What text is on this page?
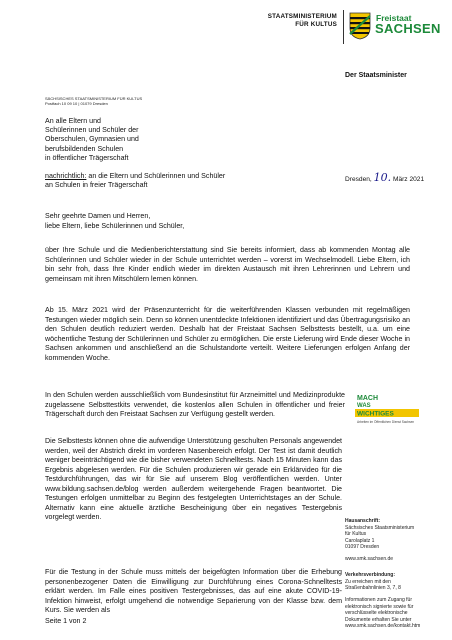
STAATSMINISTERIUM
FÜR KULTUS
Freistaat
SACHSEN
Der Staatsminister
SÄCHSISCHES STAATSMINISTERIUM FÜR KULTUS
Postfach 10 09 10 | 01079 Dresden
An alle Eltern und
Schülerinnen und Schüler der
Oberschulen, Gymnasien und
berufsbildenden Schulen
in öffentlicher Trägerschaft
nachrichtlich: an die Eltern und Schülerinnen und Schüler
an Schulen in freier Trägerschaft
Dresden, 10. März 2021
Sehr geehrte Damen und Herren,
liebe Eltern, liebe Schülerinnen und Schüler,
über Ihre Schule und die Medienberichterstattung sind Sie bereits informiert, dass ab kommenden Montag alle Schülerinnen und Schüler wieder in der Schule unterrichtet werden – vorerst im Wechselmodell. Liebe Eltern, ich bin sehr froh, dass Ihre Kinder endlich wieder im direkten Austausch mit ihren Lehrerinnen und Lehrern und gemeinsam mit ihren Mitschülern lernen können.
Ab 15. März 2021 wird der Präsenzunterricht für die weiterführenden Klassen verbunden mit regelmäßigen Testungen wieder möglich sein. Denn so können unentdeckte Infektionen identifiziert und das Übertragungsrisiko an den Schulen deutlich reduziert werden. Deshalb hat der Freistaat Sachsen Selbsttests bestellt, u.a. um eine wöchentliche Testung der Schülerinnen und Schüler zu ermöglichen. Die erste Lieferung wird Ende dieser Woche in Sachsen ankommen und anschließend an die Schulstandorte verteilt. Weitere Lieferungen erfolgen Anfang der kommenden Woche.
In den Schulen werden ausschließlich vom Bundesinstitut für Arzneimittel und Medizinprodukte zugelassene Selbsttestkits verwendet, die kostenlos allen Schulen in öffentlicher und freier Trägerschaft durch den Freistaat Sachsen zur Verfügung gestellt werden.
Die Selbsttests können ohne die aufwendige Unterstützung geschulten Personals angewendet werden, weil der Abstrich direkt im vorderen Nasenbereich erfolgt. Der Test ist damit deutlich weniger beeinträchtigend wie die bisher verwendeten Schnelltests. Nach 15 Minuten kann das Ergebnis abgelesen werden. Für die Schulen produzieren wir gerade ein Erklärvideo für die Testdurchführungen, das wir für Sie auf unserem Blog veröffentlichen werden. Unter www.bildung.sachsen.de/blog werden außerdem weitergehende Fragen beantwortet. Die Testungen erfolgen unmittelbar zu Beginn des festgelegten Unterrichtstages an der Schule. Alternativ kann eine aktuelle ärztliche Bescheinigung über ein negatives Testergebnis vorgelegt werden.
Für die Testung in der Schule muss mittels der beigefügten Information über die Erhebung personenbezogener Daten die Einwilligung zur Durchführung eines Corona-Schnelltests erklärt werden. Im Falle eines positiven Testergebnisses, das auf eine akute COVID-19-Infektion hinweist, erfolgt umgehend die notwendige Separierung von der Klasse bzw. dem Kurs. Sie werden als
MACH
WAS
WICHTIGES
Arbeiten im Öffentlichen Dienst Sachsen
Hausanschrift:
Sächsisches Staatsministerium
für Kultus
Carolaplatz 1
01097 Dresden
www.smk.sachsen.de
Verkehrsverbindung:
Zu erreichen mit den
Straßenbahnlinien 3, 7, 8
Informationen zum Zugang für
elektronisch signierte sowie für
verschlüsselte elektronische
Dokumente erhalten Sie unter
www.smk.sachsen.de/kontakt.htm
Seite 1 von 2
